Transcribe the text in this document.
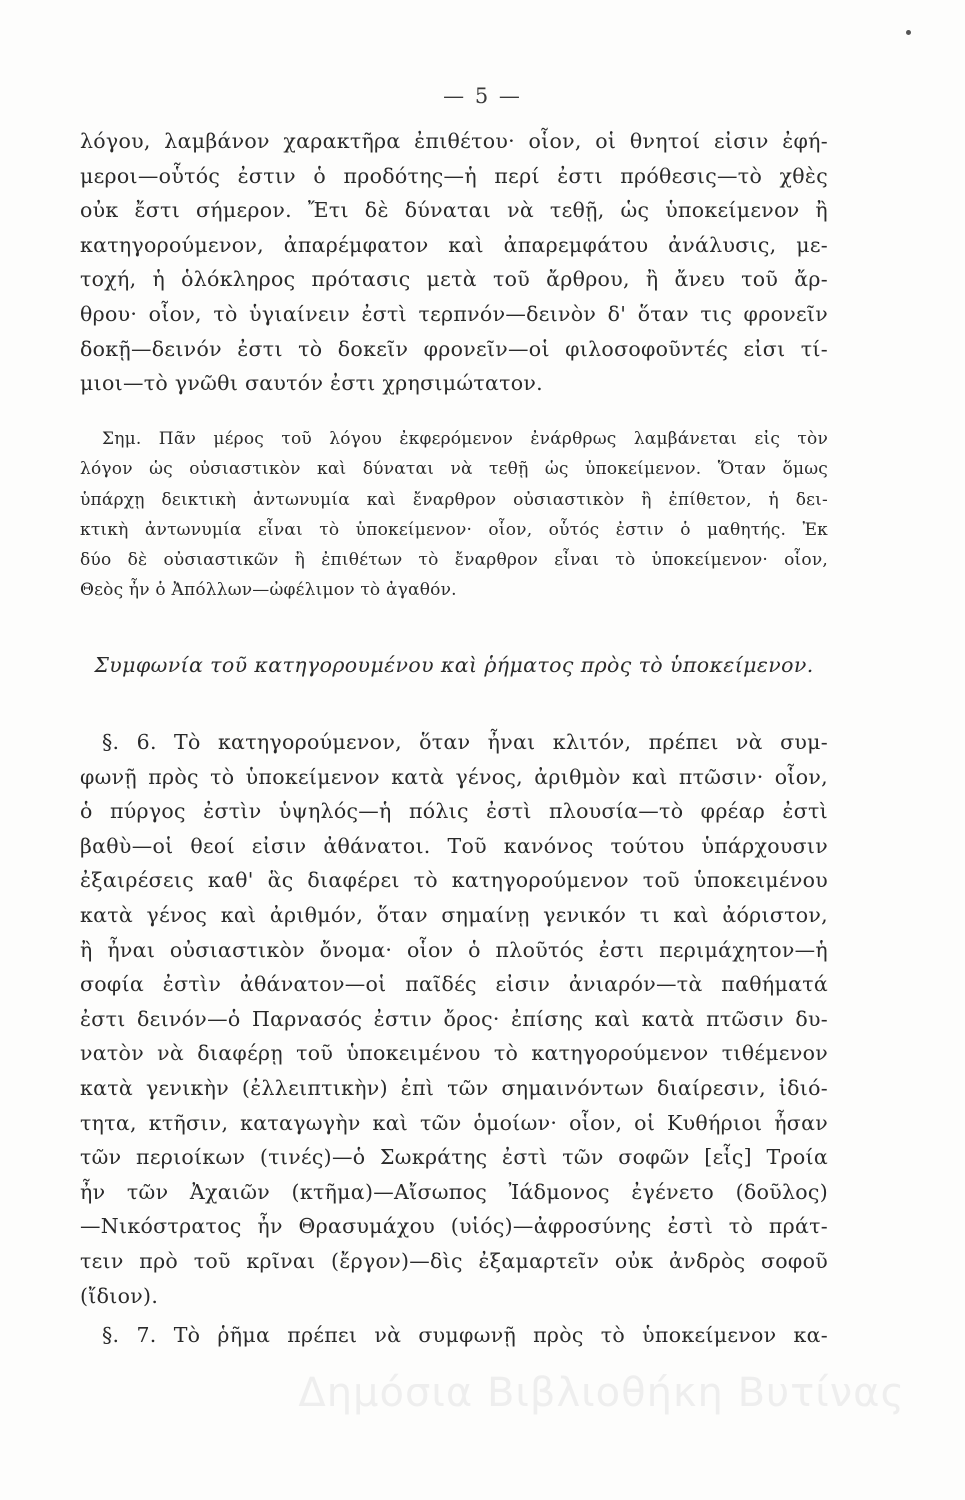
— 5 —
λόγου, λαμβάνον χαρακτῆρα ἐπιθέτου· οἷον, οἱ θνητοί εἰσιν ἐφή-
μεροι—οὗτός ἐστιν ὁ προδότης—ἡ περί ἐστι πρόθεσις—τὸ χθὲς
οὐκ ἔστι σήμερον. Ἔτι δὲ δύναται νὰ τεθῇ, ὡς ὑποκείμενον ἢ
κατηγορούμενον, ἀπαρέμφατον καὶ ἀπαρεμφάτου ἀνάλυσις, με-
τοχή, ἡ ὁλόκληρος πρότασις μετὰ τοῦ ἄρθρου, ἢ ἄνευ τοῦ ἄρ-
θρου· οἷον, τὸ ὑγιαίνειν ἐστὶ τερπνόν—δεινὸν δ' ὅταν τις φρονεῖν
δοκῇ—δεινόν ἐστι τὸ δοκεῖν φρονεῖν—οἱ φιλοσοφοῦντές εἰσι τί-
μιοι—τὸ γνῶθι σαυτόν ἐστι χρησιμώτατον.
Σημ. Πᾶν μέρος τοῦ λόγου ἐκφερόμενον ἐνάρθρως λαμβάνεται εἰς τὸν
λόγον ὡς οὐσιαστικὸν καὶ δύναται νὰ τεθῇ ὡς ὑποκείμενον. Ὅταν ὅμως
ὑπάρχῃ δεικτικὴ ἀντωνυμία καὶ ἔναρθρον οὐσιαστικὸν ἢ ἐπίθετον, ἡ δει-
κτικὴ ἀντωνυμία εἶναι τὸ ὑποκείμενον· οἷον, οὗτός ἐστιν ὁ μαθητής. Ἐκ
δύο δὲ οὐσιαστικῶν ἢ ἐπιθέτων τὸ ἔναρθρον εἶναι τὸ ὑποκείμενον· οἷον,
Θεὸς ἦν ὁ Ἀπόλλων—ὠφέλιμον τὸ ἀγαθόν.
Συμφωνία τοῦ κατηγορουμένου καὶ ῥήματος πρὸς τὸ ὑποκείμενον.
§. 6. Τὸ κατηγορούμενον, ὅταν ἦναι κλιτόν, πρέπει νὰ συμ-
φωνῇ πρὸς τὸ ὑποκείμενον κατὰ γένος, ἀριθμὸν καὶ πτῶσιν· οἷον,
ὁ πύργος ἐστὶν ὑψηλός—ἡ πόλις ἐστὶ πλουσία—τὸ φρέαρ ἐστὶ
βαθὺ—οἱ θεοί εἰσιν ἀθάνατοι. Τοῦ κανόνος τούτου ὑπάρχουσιν
ἐξαιρέσεις καθ' ἃς διαφέρει τὸ κατηγορούμενον τοῦ ὑποκειμένου
κατὰ γένος καὶ ἀριθμόν, ὅταν σημαίνῃ γενικόν τι καὶ ἀόριστον,
ἢ ἦναι οὐσιαστικὸν ὄνομα· οἷον ὁ πλοῦτός ἐστι περιμάχητον—ἡ
σοφία ἐστὶν ἀθάνατον—οἱ παῖδές εἰσιν ἀνιαρόν—τὰ παθήματά
ἐστι δεινόν—ὁ Παρνασός ἐστιν ὄρος· ἐπίσης καὶ κατὰ πτῶσιν δυ-
νατὸν νὰ διαφέρῃ τοῦ ὑποκειμένου τὸ κατηγορούμενον τιθέμενον
κατὰ γενικὴν (ἐλλειπτικὴν) ἐπὶ τῶν σημαινόντων διαίρεσιν, ἰδιό-
τητα, κτῆσιν, καταγωγὴν καὶ τῶν ὁμοίων· οἷον, οἱ Κυθήριοι ἦσαν
τῶν περιοίκων (τινές)—ὁ Σωκράτης ἐστὶ τῶν σοφῶν [εἷς] Τροία
ἦν τῶν Ἀχαιῶν (κτῆμα)—Αἴσωπος Ἰάδμονος ἐγένετο (δοῦλος)
—Νικόστρατος ἦν Θρασυμάχου (υἱός)—ἀφροσύνης ἐστὶ τὸ πράτ-
τειν πρὸ τοῦ κρῖναι (ἔργον)—δὶς ἐξαμαρτεῖν οὐκ ἀνδρὸς σοφοῦ
(ἴδιον).
§. 7. Τὸ ῥῆμα πρέπει νὰ συμφωνῇ πρὸς τὸ ὑποκείμενον κα-
Δημόσια Βιβλιοθήκη Βυτίνας
